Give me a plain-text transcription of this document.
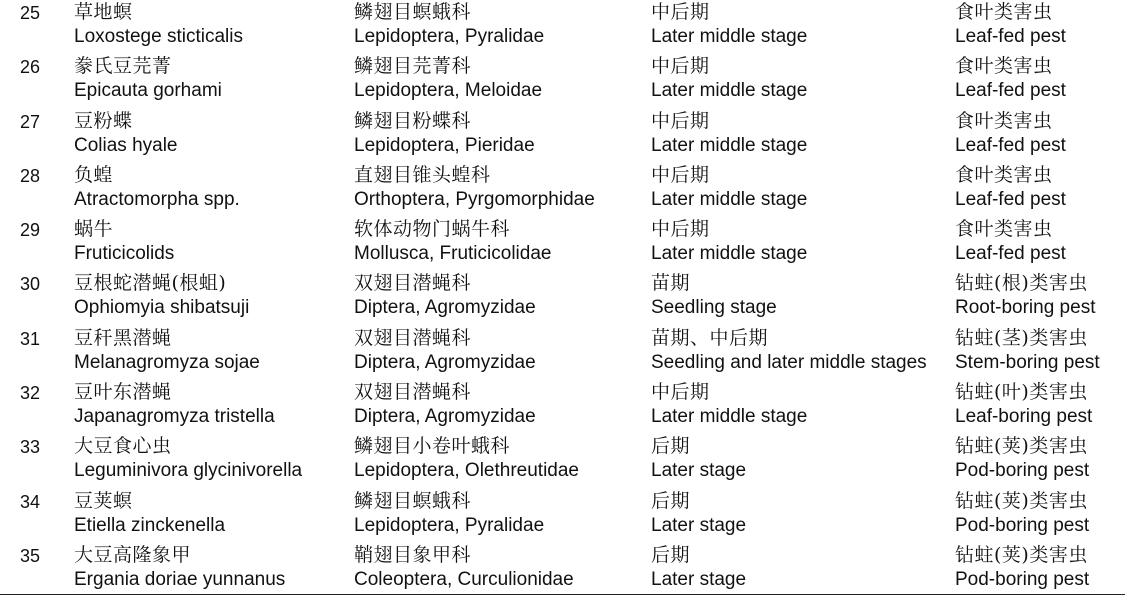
25	草地螟
Loxostege sticticalis
鳞翅目螟蛾科
Lepidoptera, Pyralidae
中后期
Later middle stage
食叶类害虫
Leaf-fed pest
26	豢氏豆芫菁
Epicauta gorhami
鳞翅目芫菁科
Lepidoptera, Meloidae
中后期
Later middle stage
食叶类害虫
Leaf-fed pest
27	豆粉蝶
Colias hyale
鳞翅目粉蝶科
Lepidoptera, Pieridae
中后期
Later middle stage
食叶类害虫
Leaf-fed pest
28	负蝗
Atractomorpha spp.
直翅目锥头蝗科
Orthoptera, Pyrgomorphidae
中后期
Later middle stage
食叶类害虫
Leaf-fed pest
29	蜗牛
Fruticicolids
软体动物门蜗牛科
Mollusca, Fruticicolidae
中后期
Later middle stage
食叶类害虫
Leaf-fed pest
30	豆根蛇潜蝇(根蛆)
Ophiomyia shibatsuji
双翅目潜蝇科
Diptera, Agromyzidae
苗期
Seedling stage
钻蛀(根)类害虫
Root-boring pest
31	豆秆黑潜蝇
Melanagromyza sojae
双翅目潜蝇科
Diptera, Agromyzidae
苗期、中后期
Seedling and later middle stages
钻蛀(茎)类害虫
Stem-boring pest
32	豆叶东潜蝇
Japanagromyza tristella
双翅目潜蝇科
Diptera, Agromyzidae
中后期
Later middle stage
钻蛀(叶)类害虫
Leaf-boring pest
33	大豆食心虫
Leguminivora glycinivorella
鳞翅目小卷叶蛾科
Lepidoptera, Olethreutidae
后期
Later stage
钻蛀(荚)类害虫
Pod-boring pest
34	豆荚螟
Etiella zinckenella
鳞翅目螟蛾科
Lepidoptera, Pyralidae
后期
Later stage
钻蛀(荚)类害虫
Pod-boring pest
35	大豆高隆象甲
Ergania doriae yunnanus
鞘翅目象甲科
Coleoptera, Curculionidae
后期
Later stage
钻蛀(荚)类害虫
Pod-boring pest
